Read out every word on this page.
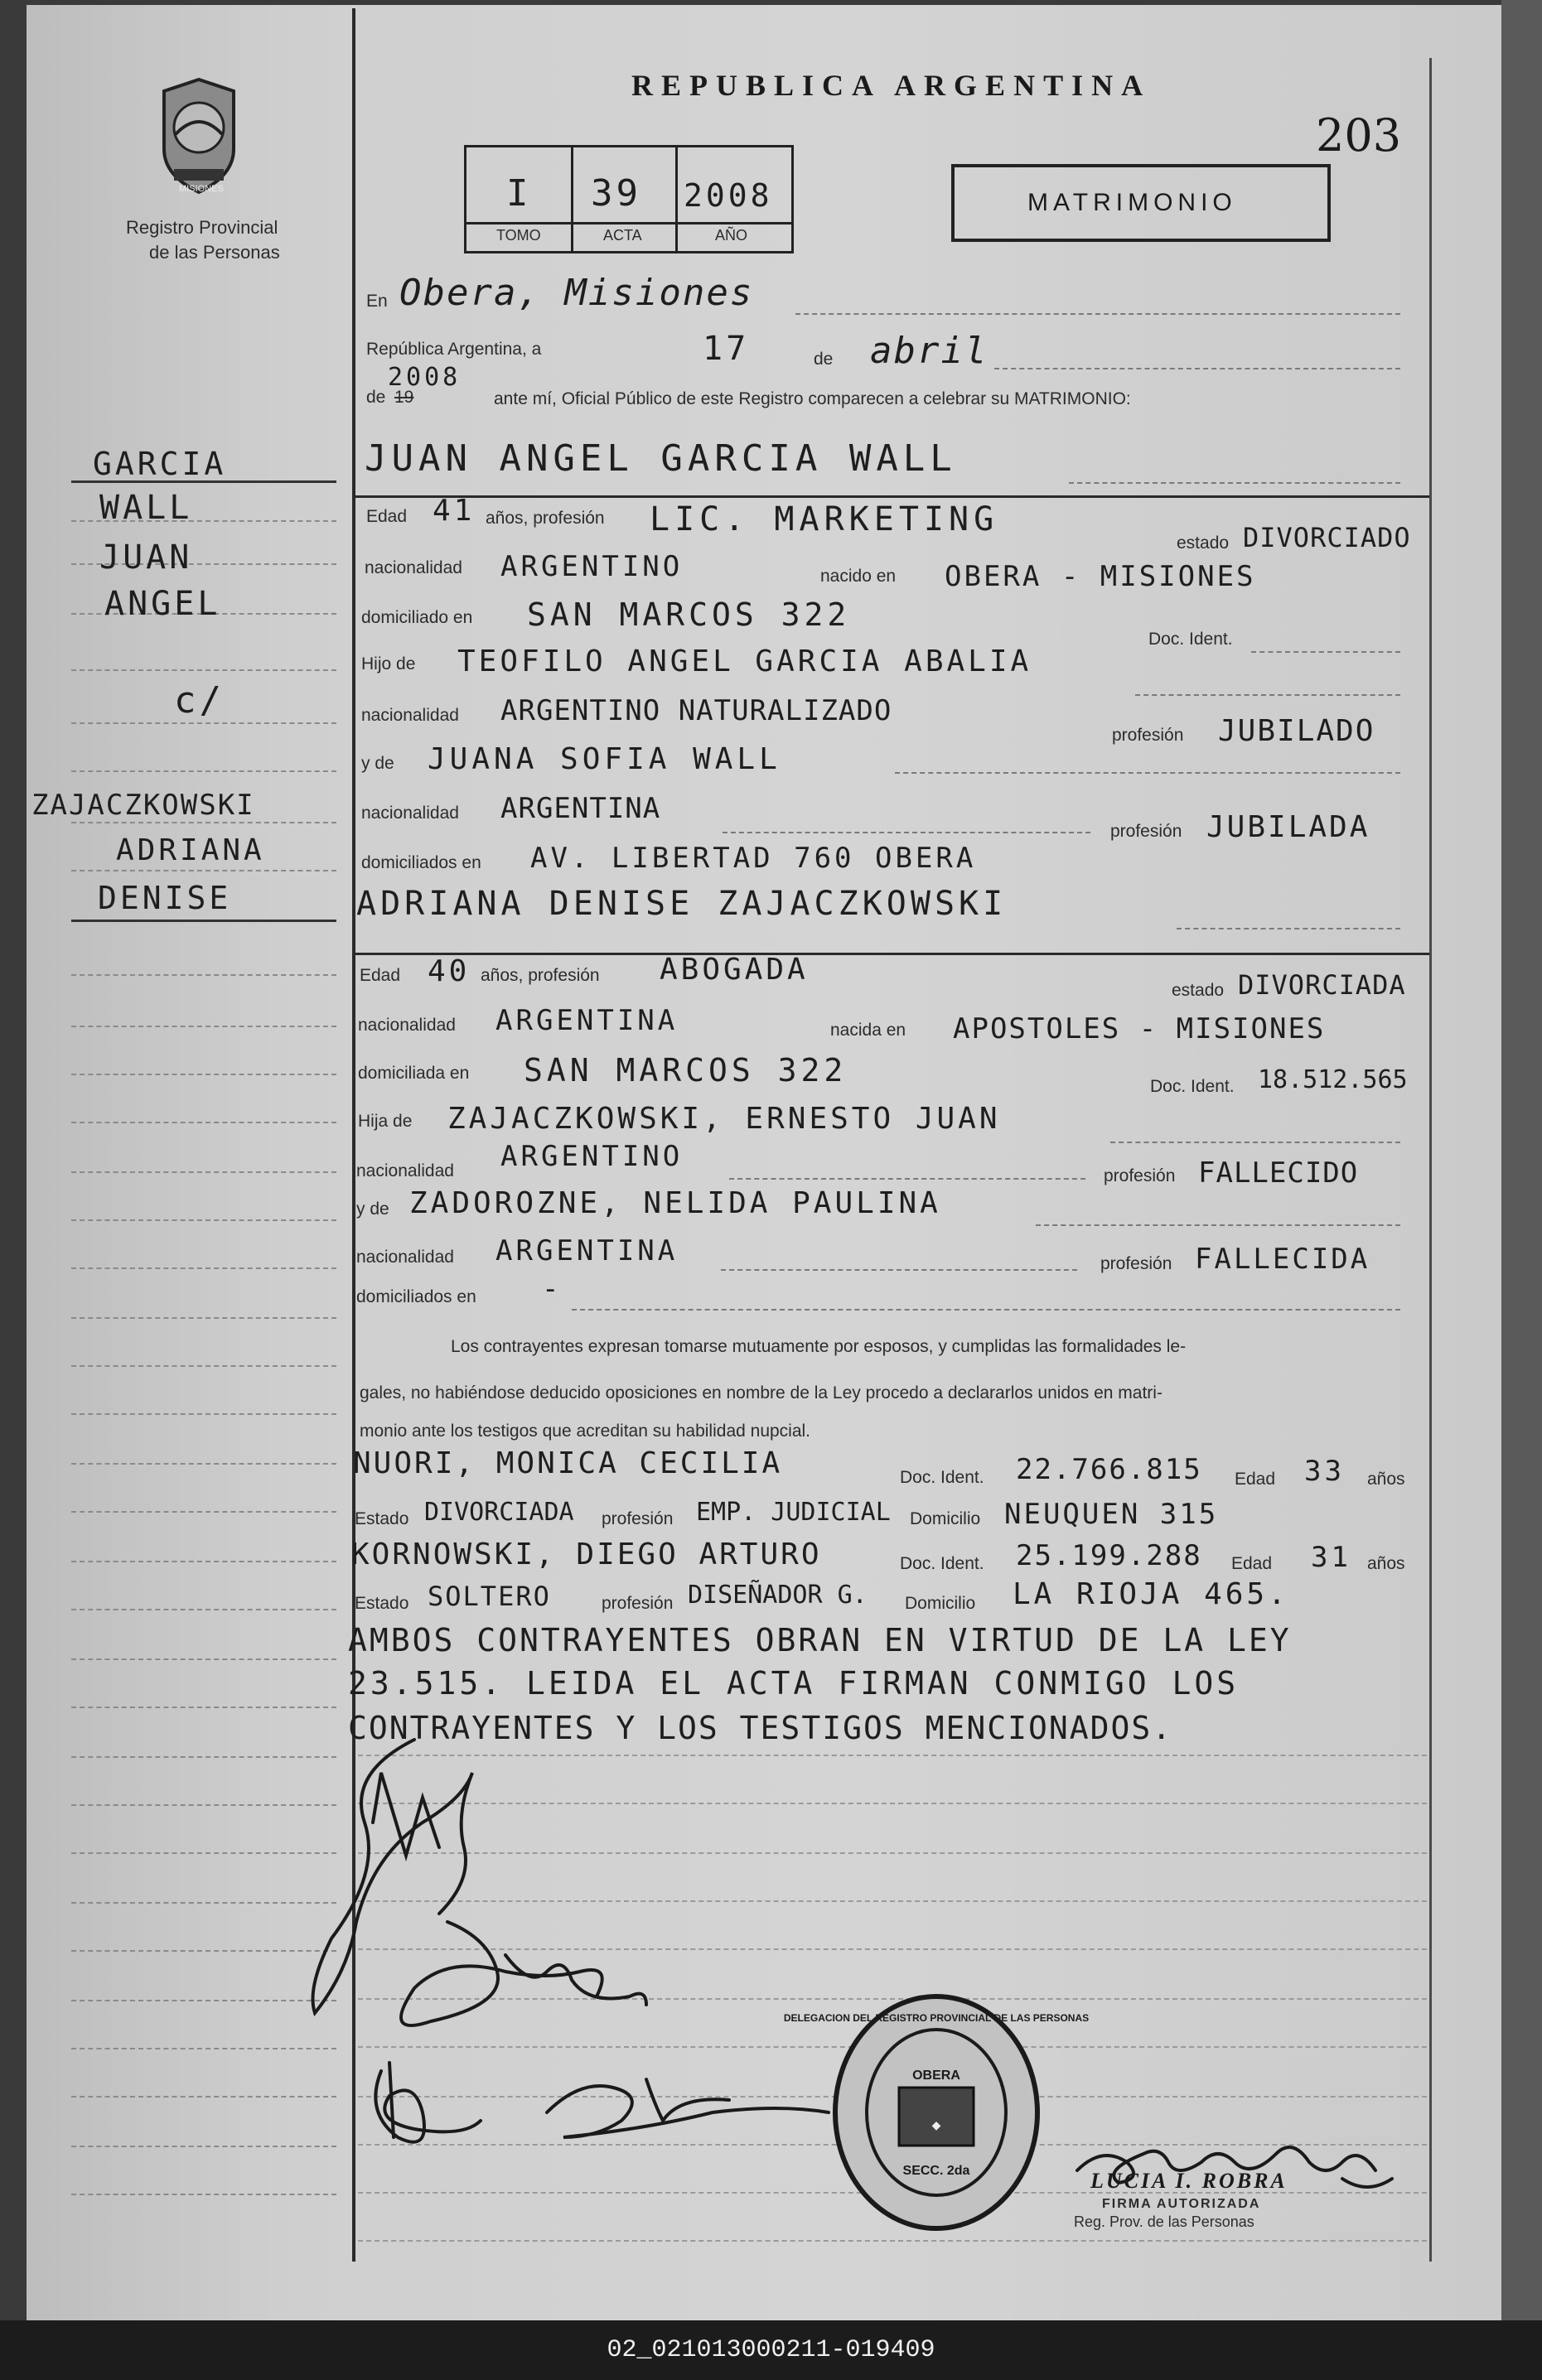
02_021013000211-019409
MISIONES
Registro Provincial
de las Personas
REPUBLICA ARGENTINA
203
I 39 2008
TOMO	ACTA	AÑO
MATRIMONIO
GARCIA
WALL
JUAN
ANGEL
c/
ZAJACZKOWSKI
ADRIANA
DENISE
En Obera, Misiones
República Argentina, a	17	de abril
de 19
2008
ante mí, Oficial Público de este Registro comparecen a celebrar su MATRIMONIO:
JUAN ANGEL GARCIA WALL
Edad 41 años, profesión LIC. MARKETING
estado DIVORCIADO
nacionalidad ARGENTINO	nacido en OBERA - MISIONES
domiciliado en SAN MARCOS 322
Doc. Ident.
Hijo de TEOFILO ANGEL GARCIA ABALIA
nacionalidad ARGENTINO NATURALIZADO
profesión JUBILADO
y de JUANA SOFIA WALL
nacionalidad ARGENTINA
profesión JUBILADA
domiciliados en AV. LIBERTAD 760 OBERA
ADRIANA DENISE ZAJACZKOWSKI
Edad 40 años, profesión ABOGADA
estado DIVORCIADA
nacionalidad ARGENTINA	nacida en APOSTOLES - MISIONES
domiciliada en SAN MARCOS 322	Doc. Ident. 18.512.565
Hija de ZAJACZKOWSKI, ERNESTO JUAN
nacionalidad ARGENTINO
profesión FALLECIDO
y de ZADOROZNE, NELIDA PAULINA
nacionalidad ARGENTINA	profesión FALLECIDA
domiciliados en -
Los contrayentes expresan tomarse mutuamente por esposos, y cumplidas las formalidades le-
gales, no habiéndose deducido oposiciones en nombre de la Ley procedo a declararlos unidos en matri-
monio ante los testigos que acreditan su habilidad nupcial.
NUORI, MONICA CECILIA	Doc. Ident. 22.766.815 Edad 33 años
Estado DIVORCIADA profesión EMP. JUDICIAL Domicilio NEUQUEN 315
KORNOWSKI, DIEGO ARTURO	Doc. Ident. 25.199.288 Edad 31 años
Estado SOLTERO	profesión DISEÑADOR G. Domicilio LA RIOJA 465.
AMBOS CONTRAYENTES OBRAN EN VIRTUD DE LA LEY
23.515. LEIDA EL ACTA FIRMAN CONMIGO LOS
CONTRAYENTES Y LOS TESTIGOS MENCIONADOS.
◆
DELEGACION DEL REGISTRO PROVINCIAL DE LAS PERSONAS
OBERA
SECC. 2da	LUCIA I. ROBRA
FIRMA AUTORIZADA
Reg. Prov. de las Personas
